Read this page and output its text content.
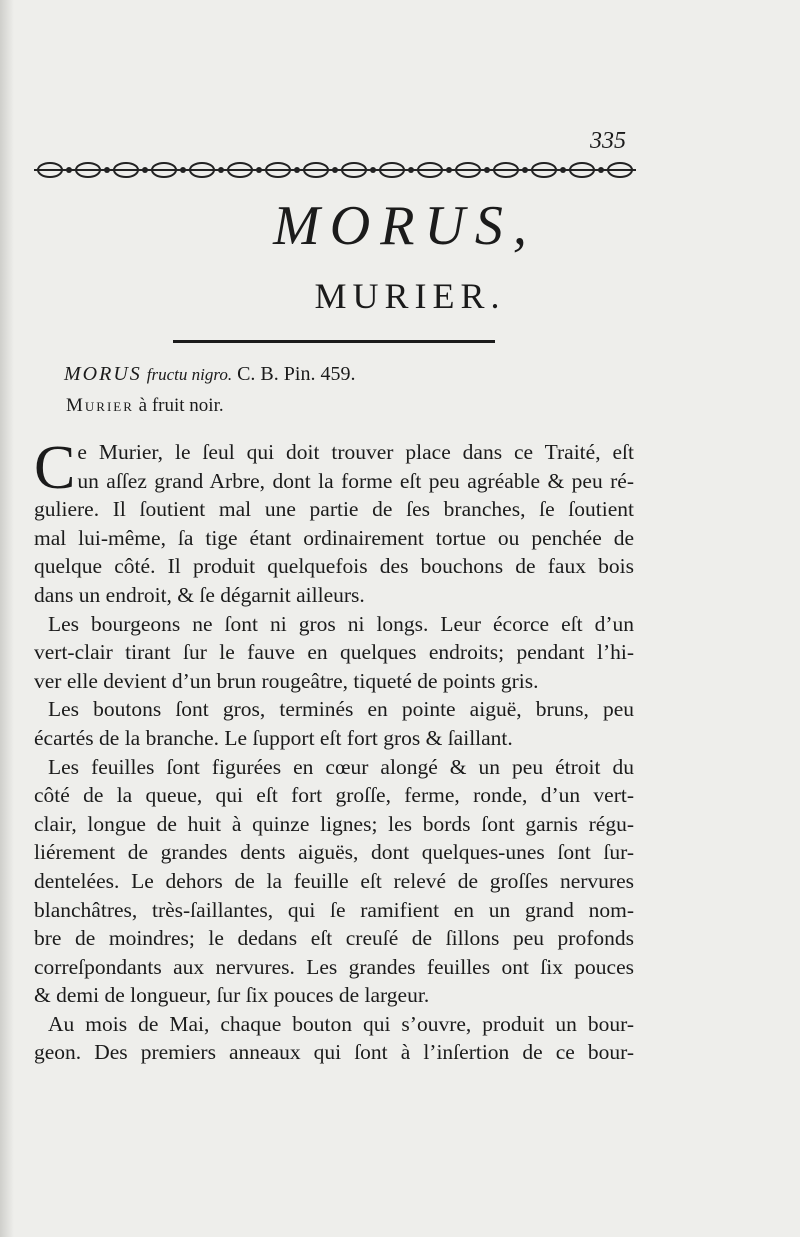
335
MORUS,
MURIER.
MORUS fructu nigro. C. B. Pin. 459.
Murier à fruit noir.
C e Murier, le ſeul qui doit trouver place dans ce Traité, eſt
un aſſez grand Arbre, dont la forme eſt peu agréable & peu ré-
guliere. Il ſoutient mal une partie de ſes branches, ſe ſoutient
mal lui-même, ſa tige étant ordinairement tortue ou penchée de
quelque côté. Il produit quelquefois des bouchons de faux bois
dans un endroit, & ſe dégarnit ailleurs.
Les bourgeons ne ſont ni gros ni longs. Leur écorce eſt d’un
vert-clair tirant ſur le fauve en quelques endroits; pendant l’hi-
ver elle devient d’un brun rougeâtre, tiqueté de points gris.
Les boutons ſont gros, terminés en pointe aiguë, bruns, peu
écartés de la branche. Le ſupport eſt fort gros & ſaillant.
Les feuilles ſont figurées en cœur alongé & un peu étroit du
côté de la queue, qui eſt fort groſſe, ferme, ronde, d’un vert-
clair, longue de huit à quinze lignes; les bords ſont garnis régu-
liérement de grandes dents aiguës, dont quelques-unes ſont ſur-
dentelées. Le dehors de la feuille eſt relevé de groſſes nervures
blanchâtres, très-ſaillantes, qui ſe ramifient en un grand nom-
bre de moindres; le dedans eſt creuſé de ſillons peu profonds
correſpondants aux nervures. Les grandes feuilles ont ſix pouces
& demi de longueur, ſur ſix pouces de largeur.
Au mois de Mai, chaque bouton qui s’ouvre, produit un bour-
geon. Des premiers anneaux qui ſont à l’inſertion de ce bour-
